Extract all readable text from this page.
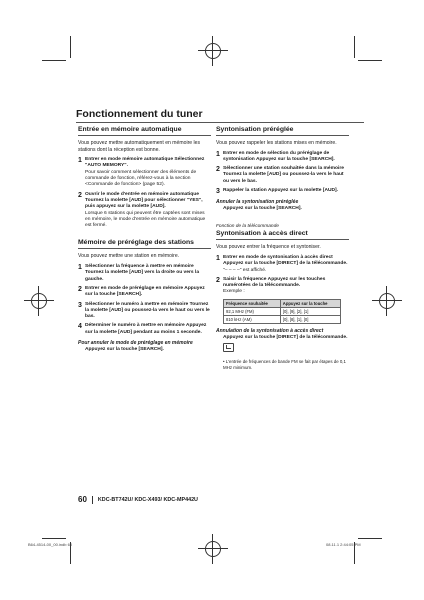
Fonctionnement du tuner
Entrée en mémoire automatique

Vous pouvez mettre automatiquement en mémoire les stations dont la réception est bonne.

1 Entrer en mode mémoire automatique Sélectionnez "AUTO MEMORY".
Pour savoir comment sélectionner des éléments de commande de fonction, référez-vous à la section <Commande de fonction> (page 52).
2 Ouvrir le mode d'entrée en mémoire automatique Tournez la molette [AUD] pour sélectionner "YES", puis appuyez sur la molette [AUD].
Lorsque 6 stations qui peuvent être captées sont mises en mémoire, le mode d'entrée en mémoire automatique est fermé.
Mémoire de préréglage des stations

Vous pouvez mettre une station en mémoire.

1 Sélectionner la fréquence à mettre en mémoire Tournez la molette [AUD] vers la droite ou vers la gauche.
2 Entrer en mode de préréglage en mémoire Appuyez sur la touche [SEARCH].
3 Sélectionner le numéro à mettre en mémoire Tournez la molette [AUD] ou poussez-la vers le haut ou vers le bas.
4 Déterminer le numéro à mettre en mémoire Appuyez sur la molette [AUD] pendant au moins 1 seconde.
Pour annuler le mode de préréglage en mémoire
Appuyez sur la touche [SEARCH].
Syntonisation préréglée

Vous pouvez rappeler les stations mises en mémoire.

1 Entrer en mode de sélection du préréglage de syntonisation Appuyez sur la touche [SEARCH].
2 Sélectionner une station souhaitée dans la mémoire Tournez la molette [AUD] ou poussez-la vers le haut ou vers le bas.
3 Rappeler la station Appuyez sur la molette [AUD].
Annuler la syntonisation préréglée
Appuyez sur la touche [SEARCH].
Fonction de la télécommande
Syntonisation à accès direct

Vous pouvez entrer la fréquence et syntoniser.

1 Entrer en mode de syntonisation à accès direct Appuyez sur la touche [DIRECT] de la télécommande.
"– – – –" est affiché.
2 Saisir la fréquence Appuyez sur les touches numérotées de la télécommande.
Exemple :
Fréquence souhaitée	Appuyez sur la touche
92,1 MHz (FM)	[0], [9], [2], [1]
810 kHz (AM)	[0], [8], [1], [0]
Annulation de la syntonisation à accès direct
Appuyez sur la touche [DIRECT] de la télécommande.
• L'entrée de fréquences de bande FM se fait par étapes de 0,1 MHz minimum.
60 KDC-BT742U/ KDC-X493/ KDC-MP442U
B64-4514-00_00.indb 60	08.11.1 2:44:05 PM
